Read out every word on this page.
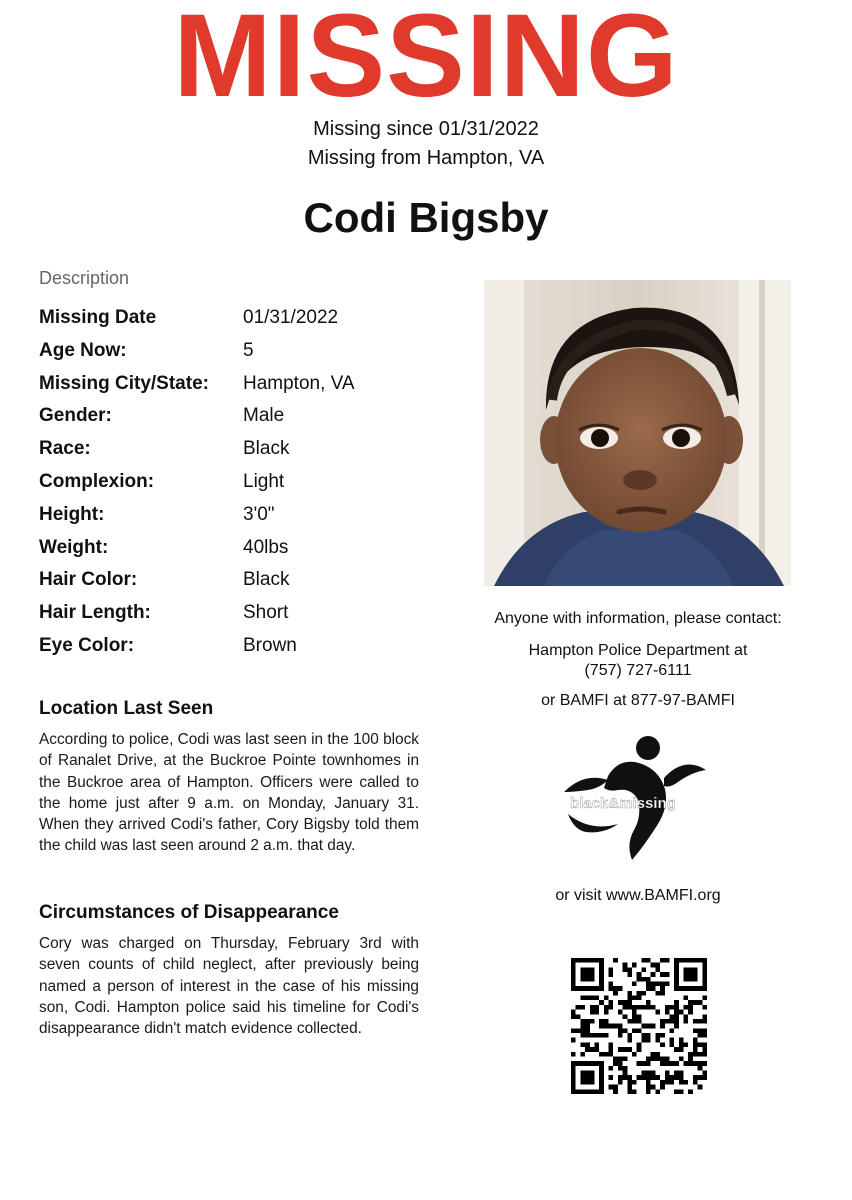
MISSING
Missing since 01/31/2022
Missing from Hampton, VA
Codi Bigsby
Description
Missing Date	01/31/2022
Age Now:	5
Missing City/State: Hampton, VA
Gender:	Male
Race:	Black
Complexion:	Light
Height:	3'0"
Weight:	40lbs
Hair Color:	Black
Hair Length:	Short
Eye Color:	Brown
Location Last Seen
According to police, Codi was last seen in the 100 block of Ranalet Drive, at the Buckroe Pointe townhomes in the Buckroe area of Hampton. Officers were called to the home just after 9 a.m. on Monday, January 31. When they arrived Codi's father, Cory Bigsby told them the child was last seen around 2 a.m. that day.
Circumstances of Disappearance
Cory was charged on Thursday, February 3rd with seven counts of child neglect, after previously being named a person of interest in the case of his missing son, Codi. Hampton police said his timeline for Codi's disappearance didn't match evidence collected.
Anyone with information, please contact:
Hampton Police Department at
(757) 727-6111
or BAMFI at 877-97-BAMFI
black&missing
or visit www.BAMFI.org
